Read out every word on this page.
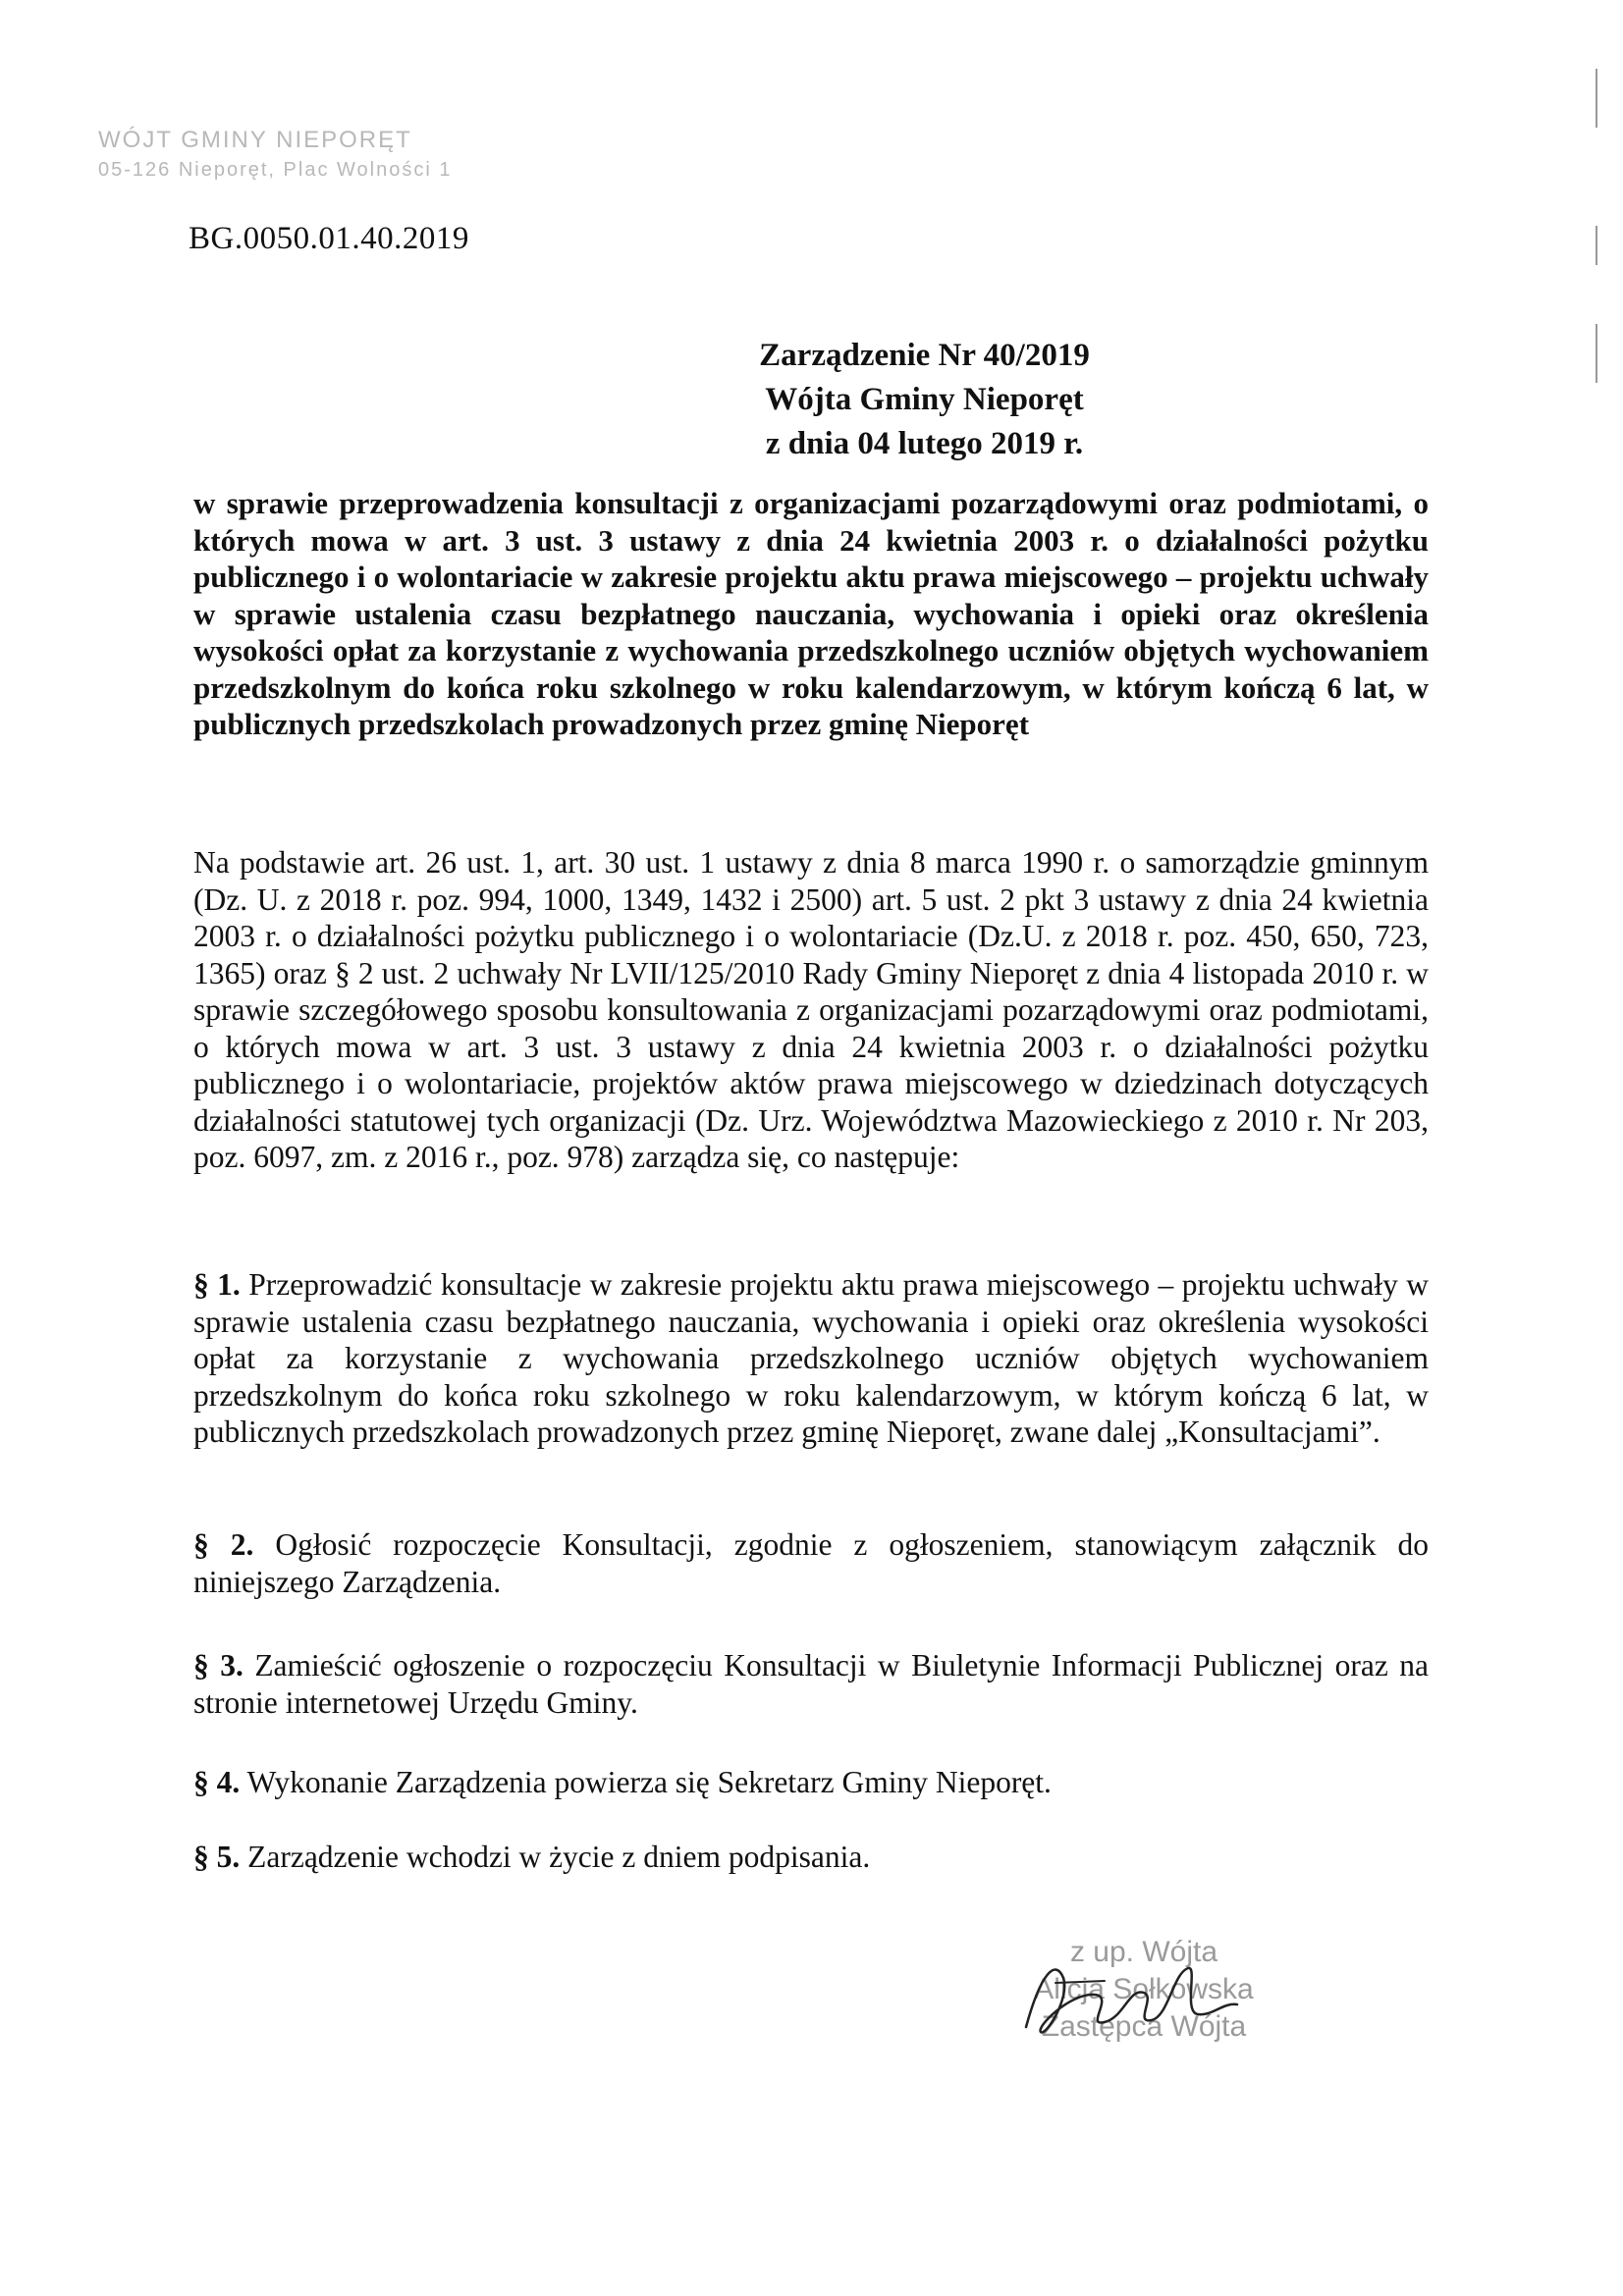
WÓJT GMINY NIEPORĘT
05-126 Nieporęt, Plac Wolności 1
BG.0050.01.40.2019
Zarządzenie Nr 40/2019
Wójta Gminy Nieporęt
z dnia 04 lutego 2019 r.
w sprawie przeprowadzenia konsultacji z organizacjami pozarządowymi oraz podmiotami, o których mowa w art. 3 ust. 3 ustawy z dnia 24 kwietnia 2003 r. o działalności pożytku publicznego i o wolontariacie w zakresie projektu aktu prawa miejscowego – projektu uchwały w sprawie ustalenia czasu bezpłatnego nauczania, wychowania i opieki oraz określenia wysokości opłat za korzystanie z wychowania przedszkolnego uczniów objętych wychowaniem przedszkolnym do końca roku szkolnego w roku kalendarzowym, w którym kończą 6 lat, w publicznych przedszkolach prowadzonych przez gminę Nieporęt
Na podstawie art. 26 ust. 1, art. 30 ust. 1 ustawy z dnia 8 marca 1990 r. o samorządzie gminnym (Dz. U. z 2018 r. poz. 994, 1000, 1349, 1432 i 2500) art. 5 ust. 2 pkt 3 ustawy z dnia 24 kwietnia 2003 r. o działalności pożytku publicznego i o wolontariacie (Dz.U. z 2018 r. poz. 450, 650, 723, 1365) oraz § 2 ust. 2 uchwały Nr LVII/125/2010 Rady Gminy Nieporęt z dnia 4 listopada 2010 r. w sprawie szczegółowego sposobu konsultowania z organizacjami pozarządowymi oraz podmiotami, o których mowa w art. 3 ust. 3 ustawy z dnia 24 kwietnia 2003 r. o działalności pożytku publicznego i o wolontariacie, projektów aktów prawa miejscowego w dziedzinach dotyczących działalności statutowej tych organizacji (Dz. Urz. Województwa Mazowieckiego z 2010 r. Nr 203, poz. 6097, zm. z 2016 r., poz. 978) zarządza się, co następuje:
§ 1. Przeprowadzić konsultacje w zakresie projektu aktu prawa miejscowego – projektu uchwały w sprawie ustalenia czasu bezpłatnego nauczania, wychowania i opieki oraz określenia wysokości opłat za korzystanie z wychowania przedszkolnego uczniów objętych wychowaniem przedszkolnym do końca roku szkolnego w roku kalendarzowym, w którym kończą 6 lat, w publicznych przedszkolach prowadzonych przez gminę Nieporęt, zwane dalej „Konsultacjami”.
§ 2. Ogłosić rozpoczęcie Konsultacji, zgodnie z ogłoszeniem, stanowiącym załącznik do niniejszego Zarządzenia.
§ 3. Zamieścić ogłoszenie o rozpoczęciu Konsultacji w Biuletynie Informacji Publicznej oraz na stronie internetowej Urzędu Gminy.
§ 4. Wykonanie Zarządzenia powierza się Sekretarz Gminy Nieporęt.
§ 5. Zarządzenie wchodzi w życie z dniem podpisania.
z up. Wójta
Alicja Sołkowska
Zastępca Wójta
